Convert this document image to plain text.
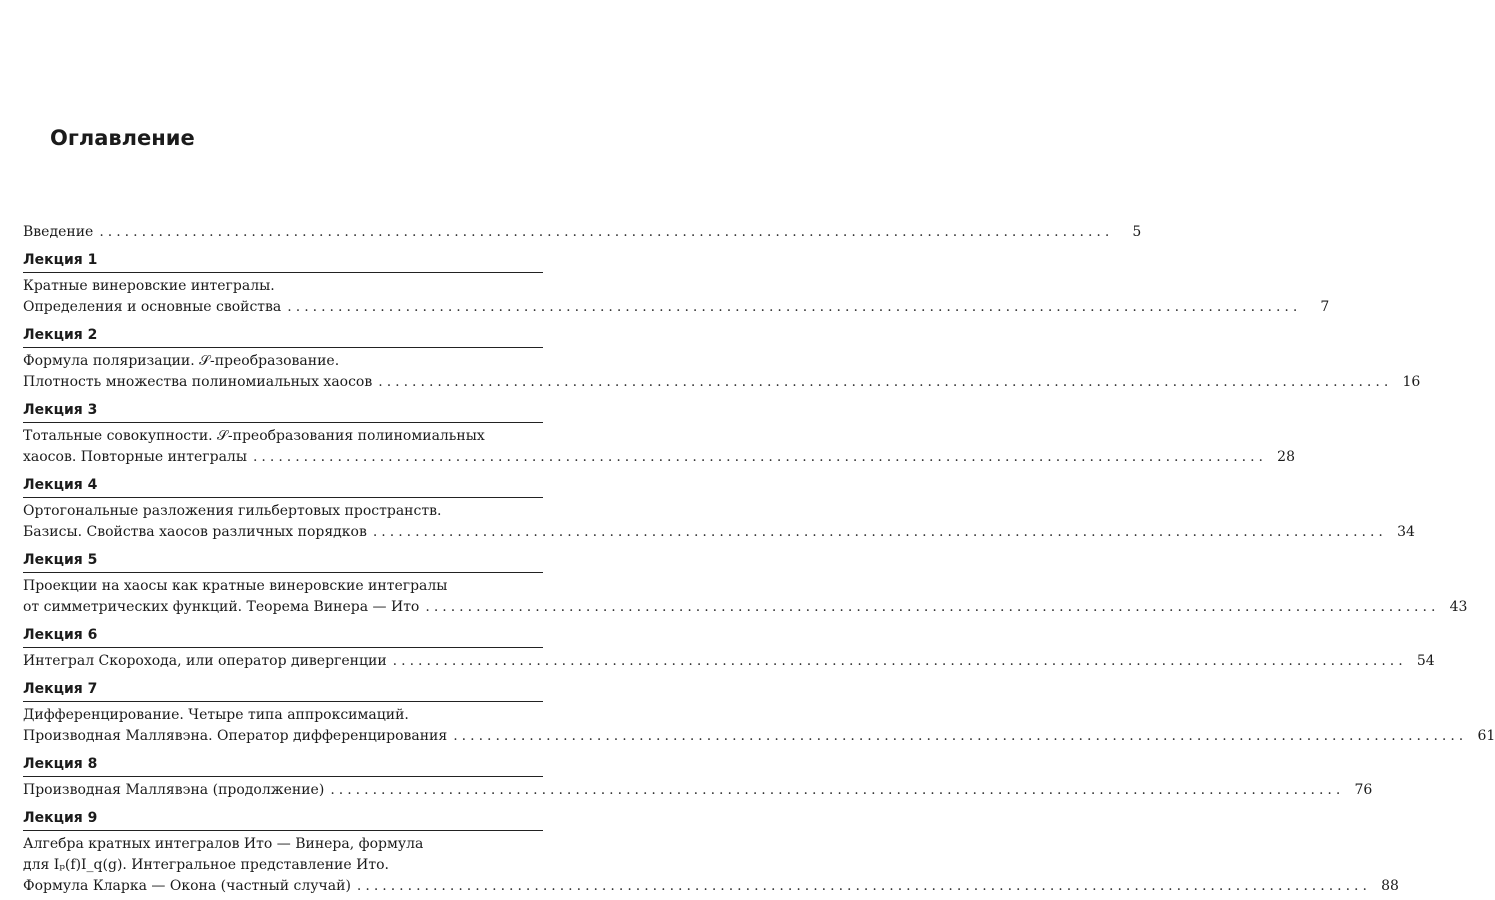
Оглавление
Введение ........................................................................................................................	5
Лекция 1
Кратные винеровские интегралы.
Определения и основные свойства ........................................................................................................................	7
Лекция 2
Формула поляризации. 𝒮-преобразование.
Плотность множества полиномиальных хаосов ........................................................................................................................ 16
Лекция 3
Тотальные совокупности. 𝒮-преобразования полиномиальных
хаосов. Повторные интегралы ........................................................................................................................ 28
Лекция 4
Ортогональные разложения гильбертовых пространств.
Базисы. Свойства хаосов различных порядков ........................................................................................................................ 34
Лекция 5
Проекции на хаосы как кратные винеровские интегралы
от симметрических функций. Теорема Винера — Ито ........................................................................................................................ 43
Лекция 6
Интеграл Скорохода, или оператор дивергенции ........................................................................................................................ 54
Лекция 7
Дифференцирование. Четыре типа аппроксимаций.
Производная Маллявэна. Оператор дифференцирования ........................................................................................................................ 61
Лекция 8
Производная Маллявэна (продолжение) ........................................................................................................................ 76
Лекция 9
Алгебра кратных интегралов Ито — Винера, формула
для Iₚ(f)I_q(g). Интегральное представление Ито.
Формула Кларка — Окона (частный случай) ........................................................................................................................ 88
